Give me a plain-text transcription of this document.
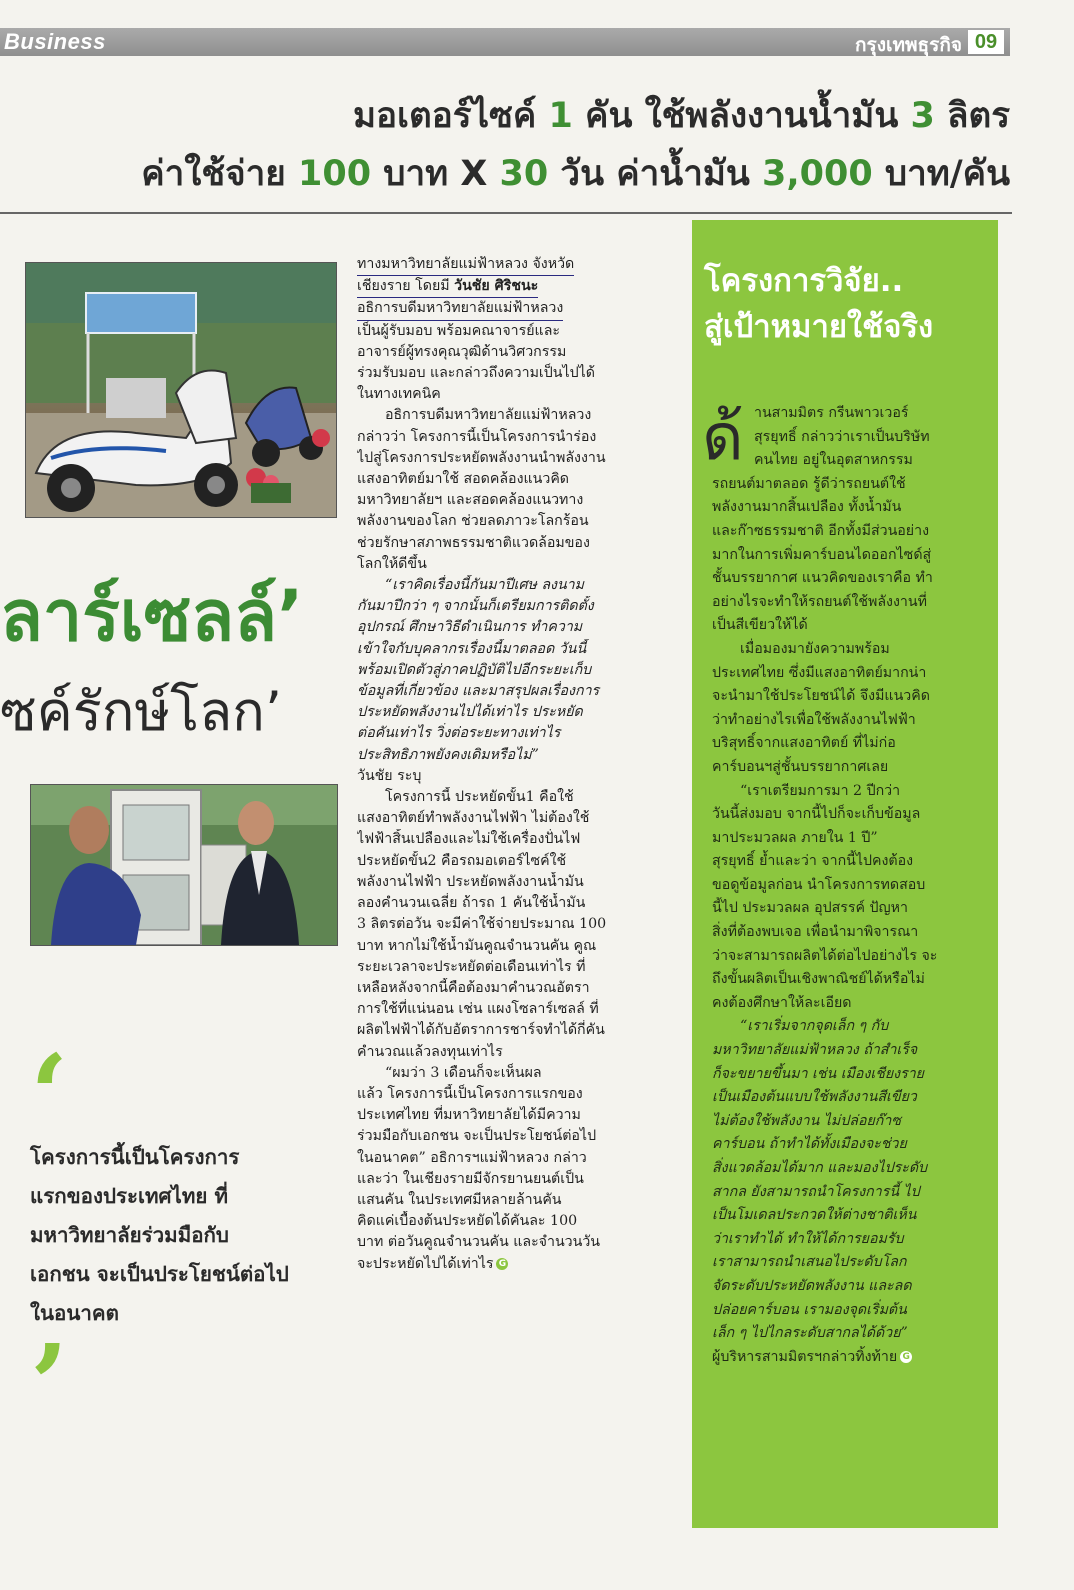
Business	กรุงเทพธุรกิจ 09
มอเตอร์ไซค์ 1 คัน ใช้พลังงานน้ำมัน 3 ลิตร
ค่าใช้จ่าย 100 บาท X 30 วัน ค่าน้ำมัน 3,000 บาท/คัน
ลาร์เซลล์’
ซค์รักษ์โลก’
‘
โครงการนี้เป็นโครงการ
แรกของประเทศไทย ที่
มหาวิทยาลัยร่วมมือกับ
เอกชน จะเป็นประโยชน์ต่อไป
ในอนาคต
’
ทางมหาวิทยาลัยแม่ฟ้าหลวง จังหวัด
เชียงราย โดยมี วันชัย ศิริชนะ
อธิการบดีมหาวิทยาลัยแม่ฟ้าหลวง
เป็นผู้รับมอบ พร้อมคณาจารย์และ
อาจารย์ผู้ทรงคุณวุฒิด้านวิศวกรรม
ร่วมรับมอบ และกล่าวถึงความเป็นไปได้
ในทางเทคนิค
อธิการบดีมหาวิทยาลัยแม่ฟ้าหลวง
กล่าวว่า โครงการนี้เป็นโครงการนำร่อง
ไปสู่โครงการประหยัดพลังงานนำพลังงาน
แสงอาทิตย์มาใช้ สอดคล้องแนวคิด
มหาวิทยาลัยฯ และสอดคล้องแนวทาง
พลังงานของโลก ช่วยลดภาวะโลกร้อน
ช่วยรักษาสภาพธรรมชาติแวดล้อมของ
โลกให้ดีขึ้น
“เราคิดเรื่องนี้กันมาปีเศษ ลงนาม
กันมาปีกว่า ๆ จากนั้นก็เตรียมการติดตั้ง
อุปกรณ์ ศึกษาวิธีดำเนินการ ทำความ
เข้าใจกับบุคลากรเรื่องนี้มาตลอด วันนี้
พร้อมเปิดตัวสู่ภาคปฏิบัติไปอีกระยะเก็บ
ข้อมูลที่เกี่ยวข้อง และมาสรุปผลเรื่องการ
ประหยัดพลังงานไปได้เท่าไร ประหยัด
ต่อคันเท่าไร วิ่งต่อระยะทางเท่าไร
ประสิทธิภาพยังคงเดิมหรือไม่”
วันชัย ระบุ
โครงการนี้ ประหยัดขั้น1 คือใช้
แสงอาทิตย์ทำพลังงานไฟฟ้า ไม่ต้องใช้
ไฟฟ้าสิ้นเปลืองและไม่ใช้เครื่องปั่นไฟ
ประหยัดขั้น2 คือรถมอเตอร์ไซค์ใช้
พลังงานไฟฟ้า ประหยัดพลังงานน้ำมัน
ลองคำนวนเฉลี่ย ถ้ารถ 1 คันใช้น้ำมัน
3 ลิตรต่อวัน จะมีค่าใช้จ่ายประมาณ 100
บาท หากไม่ใช้น้ำมันคูณจำนวนคัน คูณ
ระยะเวลาจะประหยัดต่อเดือนเท่าไร ที่
เหลือหลังจากนี้คือต้องมาคำนวณอัตรา
การใช้ที่แน่นอน เช่น แผงโซลาร์เซลล์ ที่
ผลิตไฟฟ้าได้กับอัตราการชาร์จทำได้กี่คัน
คำนวณแล้วลงทุนเท่าไร
“ผมว่า 3 เดือนก็จะเห็นผล
แล้ว โครงการนี้เป็นโครงการแรกของ
ประเทศไทย ที่มหาวิทยาลัยได้มีความ
ร่วมมือกับเอกชน จะเป็นประโยชน์ต่อไป
ในอนาคต” อธิการฯแม่ฟ้าหลวง กล่าว
และว่า ในเชียงรายมีจักรยานยนต์เป็น
แสนคัน ในประเทศมีหลายล้านคัน
คิดแค่เบื้องต้นประหยัดได้คันละ 100
บาท ต่อวันคูณจำนวนคัน และจำนวนวัน
จะประหยัดไปได้เท่าไร G
โครงการวิจัย..
สู่เป้าหมายใช้จริง
ด้ านสามมิตร กรีนพาวเวอร์
สุรยุทธิ์ กล่าวว่าเราเป็นบริษัท
คนไทย อยู่ในอุตสาหกรรม
รถยนต์มาตลอด รู้ดีว่ารถยนต์ใช้
พลังงานมากสิ้นเปลือง ทั้งน้ำมัน
และก๊าซธรรมชาติ อีกทั้งมีส่วนอย่าง
มากในการเพิ่มคาร์บอนไดออกไซด์สู่
ชั้นบรรยากาศ แนวคิดของเราคือ ทำ
อย่างไรจะทำให้รถยนต์ใช้พลังงานที่
เป็นสีเขียวให้ได้
เมื่อมองมายังความพร้อม
ประเทศไทย ซึ่งมีแสงอาทิตย์มากน่า
จะนำมาใช้ประโยชน์ได้ จึงมีแนวคิด
ว่าทำอย่างไรเพื่อใช้พลังงานไฟฟ้า
บริสุทธิ์จากแสงอาทิตย์ ที่ไม่ก่อ
คาร์บอนฯสู่ชั้นบรรยากาศเลย
“เราเตรียมการมา 2 ปีกว่า
วันนี้ส่งมอบ จากนี้ไปก็จะเก็บข้อมูล
มาประมวลผล ภายใน 1 ปี”
สุรยุทธิ์ ย้ำและว่า จากนี้ไปคงต้อง
ขอดูข้อมูลก่อน นำโครงการทดสอบ
นี้ไป ประมวลผล อุปสรรค์ ปัญหา
สิ่งที่ต้องพบเจอ เพื่อนำมาพิจารณา
ว่าจะสามารถผลิตได้ต่อไปอย่างไร จะ
ถึงขั้นผลิตเป็นเชิงพาณิชย์ได้หรือไม่
คงต้องศึกษาให้ละเอียด
“เราเริ่มจากจุดเล็ก ๆ กับ
มหาวิทยาลัยแม่ฟ้าหลวง ถ้าสำเร็จ
ก็จะขยายขึ้นมา เช่น เมืองเชียงราย
เป็นเมืองต้นแบบใช้พลังงานสีเขียว
ไม่ต้องใช้พลังงาน ไม่ปล่อยก๊าซ
คาร์บอน ถ้าทำได้ทั้งเมืองจะช่วย
สิ่งแวดล้อมได้มาก และมองไประดับ
สากล ยังสามารถนำโครงการนี้ ไป
เป็นโมเดลประกวดให้ต่างชาติเห็น
ว่าเราทำได้ ทำให้ได้การยอมรับ
เราสามารถนำเสนอไประดับโลก
จัดระดับประหยัดพลังงาน และลด
ปล่อยคาร์บอน เรามองจุดเริ่มต้น
เล็ก ๆ ไปไกลระดับสากลได้ด้วย”
ผู้บริหารสามมิตรฯกล่าวทิ้งท้าย G
